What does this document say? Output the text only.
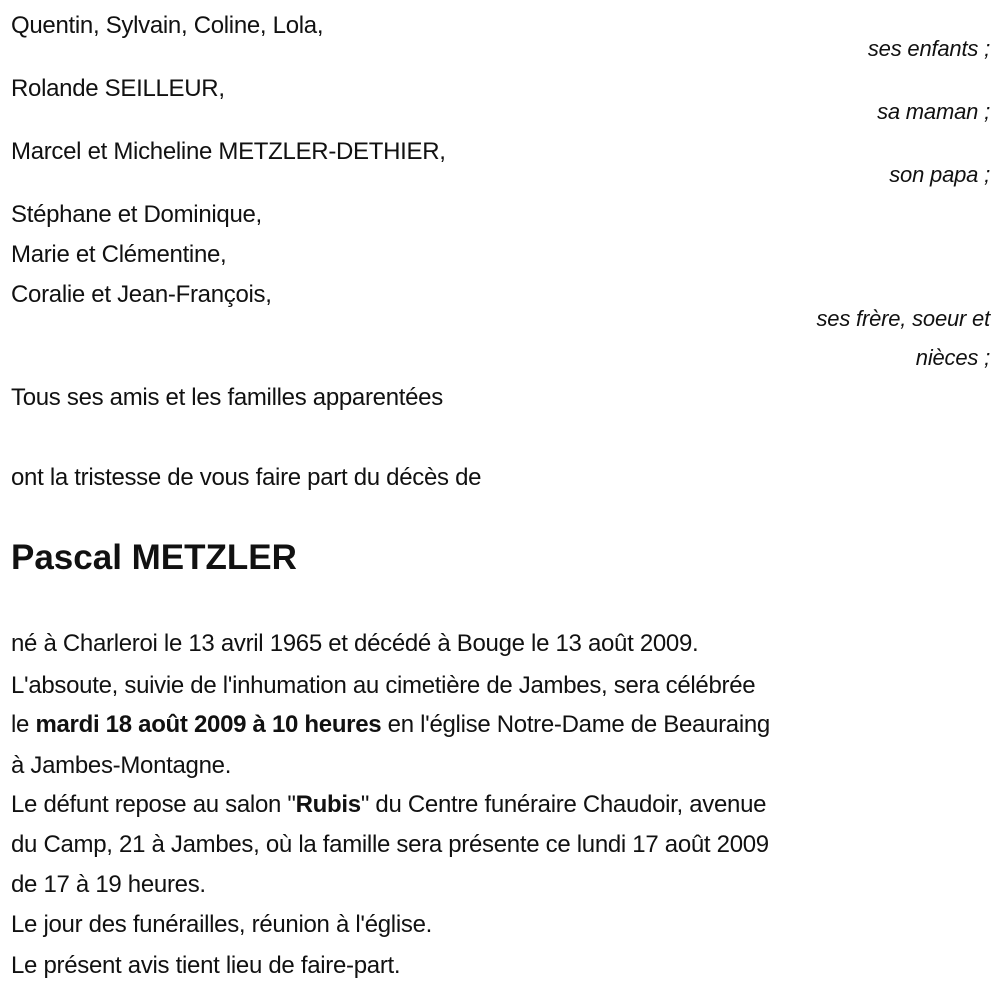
Quentin, Sylvain, Coline, Lola,
ses enfants ;
Rolande SEILLEUR,
sa maman ;
Marcel et Micheline METZLER-DETHIER,
son papa ;
Stéphane et Dominique,
Marie et Clémentine,
Coralie et Jean-François,
ses frère, soeur et
nièces ;
Tous ses amis et les familles apparentées
ont la tristesse de vous faire part du décès de
Pascal METZLER
né à Charleroi le 13 avril 1965 et décédé à Bouge le 13 août 2009.
L'absoute, suivie de l'inhumation au cimetière de Jambes, sera célébrée
le mardi 18 août 2009 à 10 heures en l'église Notre-Dame de Beauraing
à Jambes-Montagne.
Le défunt repose au salon "Rubis" du Centre funéraire Chaudoir, avenue
du Camp, 21 à Jambes, où la famille sera présente ce lundi 17 août 2009
de 17 à 19 heures.
Le jour des funérailles, réunion à l'église.
Le présent avis tient lieu de faire-part.
